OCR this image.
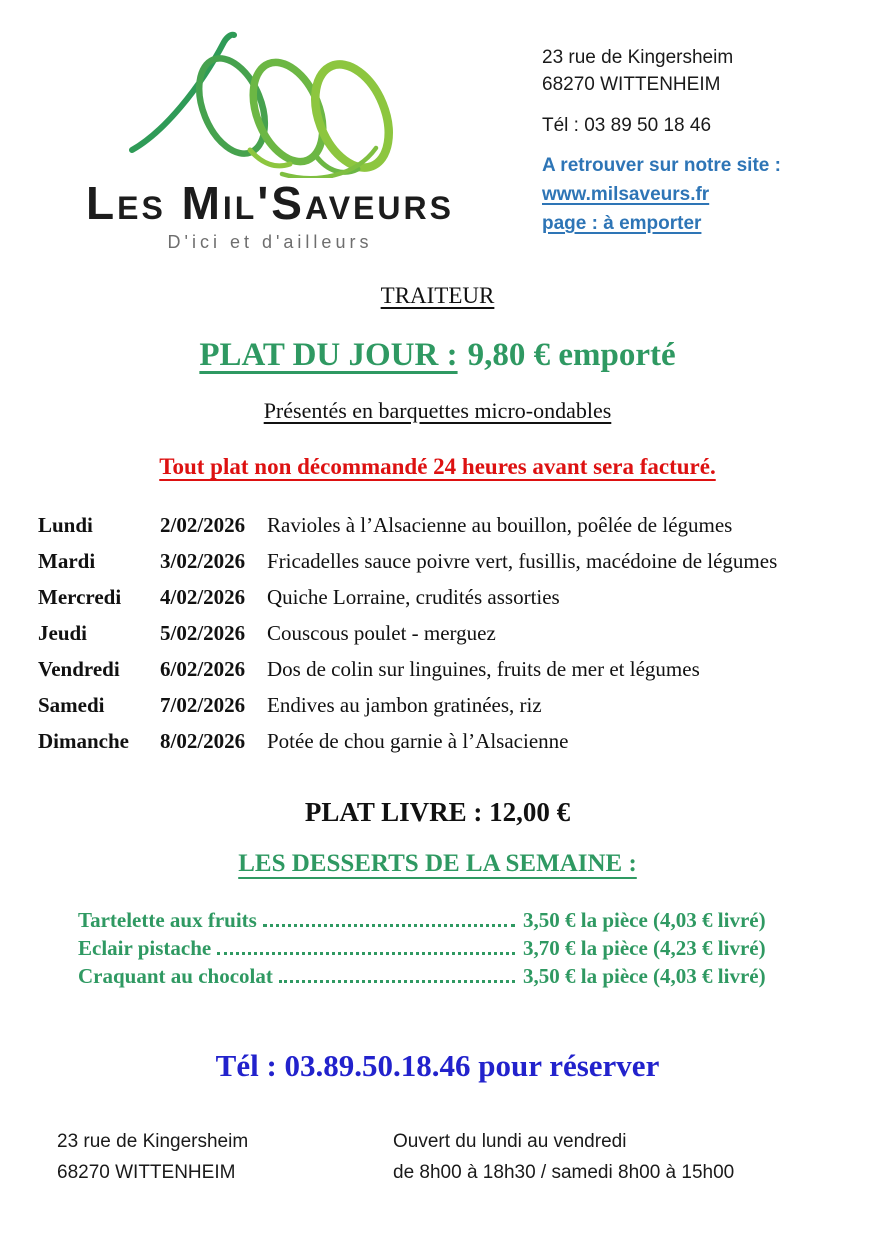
Les Mil'Saveurs
D'ici et d'ailleurs
23 rue de Kingersheim
68270 WITTENHEIM
Tél : 03 89 50 18 46
A retrouver sur notre site :
www.milsaveurs.fr
page : à emporter
TRAITEUR
PLAT DU JOUR : 9,80 € emporté
Présentés en barquettes micro-ondables
Tout plat non décommandé 24 heures avant sera facturé.
Lundi	2/02/2026	Ravioles à l’Alsacienne au bouillon, poêlée de légumes
Mardi	3/02/2026	Fricadelles sauce poivre vert, fusillis, macédoine de légumes
Mercredi	4/02/2026	Quiche Lorraine, crudités assorties
Jeudi	5/02/2026	Couscous poulet - merguez
Vendredi	6/02/2026	Dos de colin sur linguines, fruits de mer et légumes
Samedi	7/02/2026	Endives au jambon gratinées, riz
Dimanche	8/02/2026	Potée de chou garnie à l’Alsacienne
PLAT LIVRE : 12,00 €
LES DESSERTS DE LA SEMAINE :
Tartelette aux fruits	3,50 € la pièce (4,03 € livré)
Eclair pistache	3,70 € la pièce (4,23 € livré)
Craquant au chocolat	3,50 € la pièce (4,03 € livré)
Tél : 03.89.50.18.46 pour réserver
23 rue de Kingersheim
68270 WITTENHEIM
Ouvert du lundi au vendredi
de 8h00 à 18h30 / samedi 8h00 à 15h00
